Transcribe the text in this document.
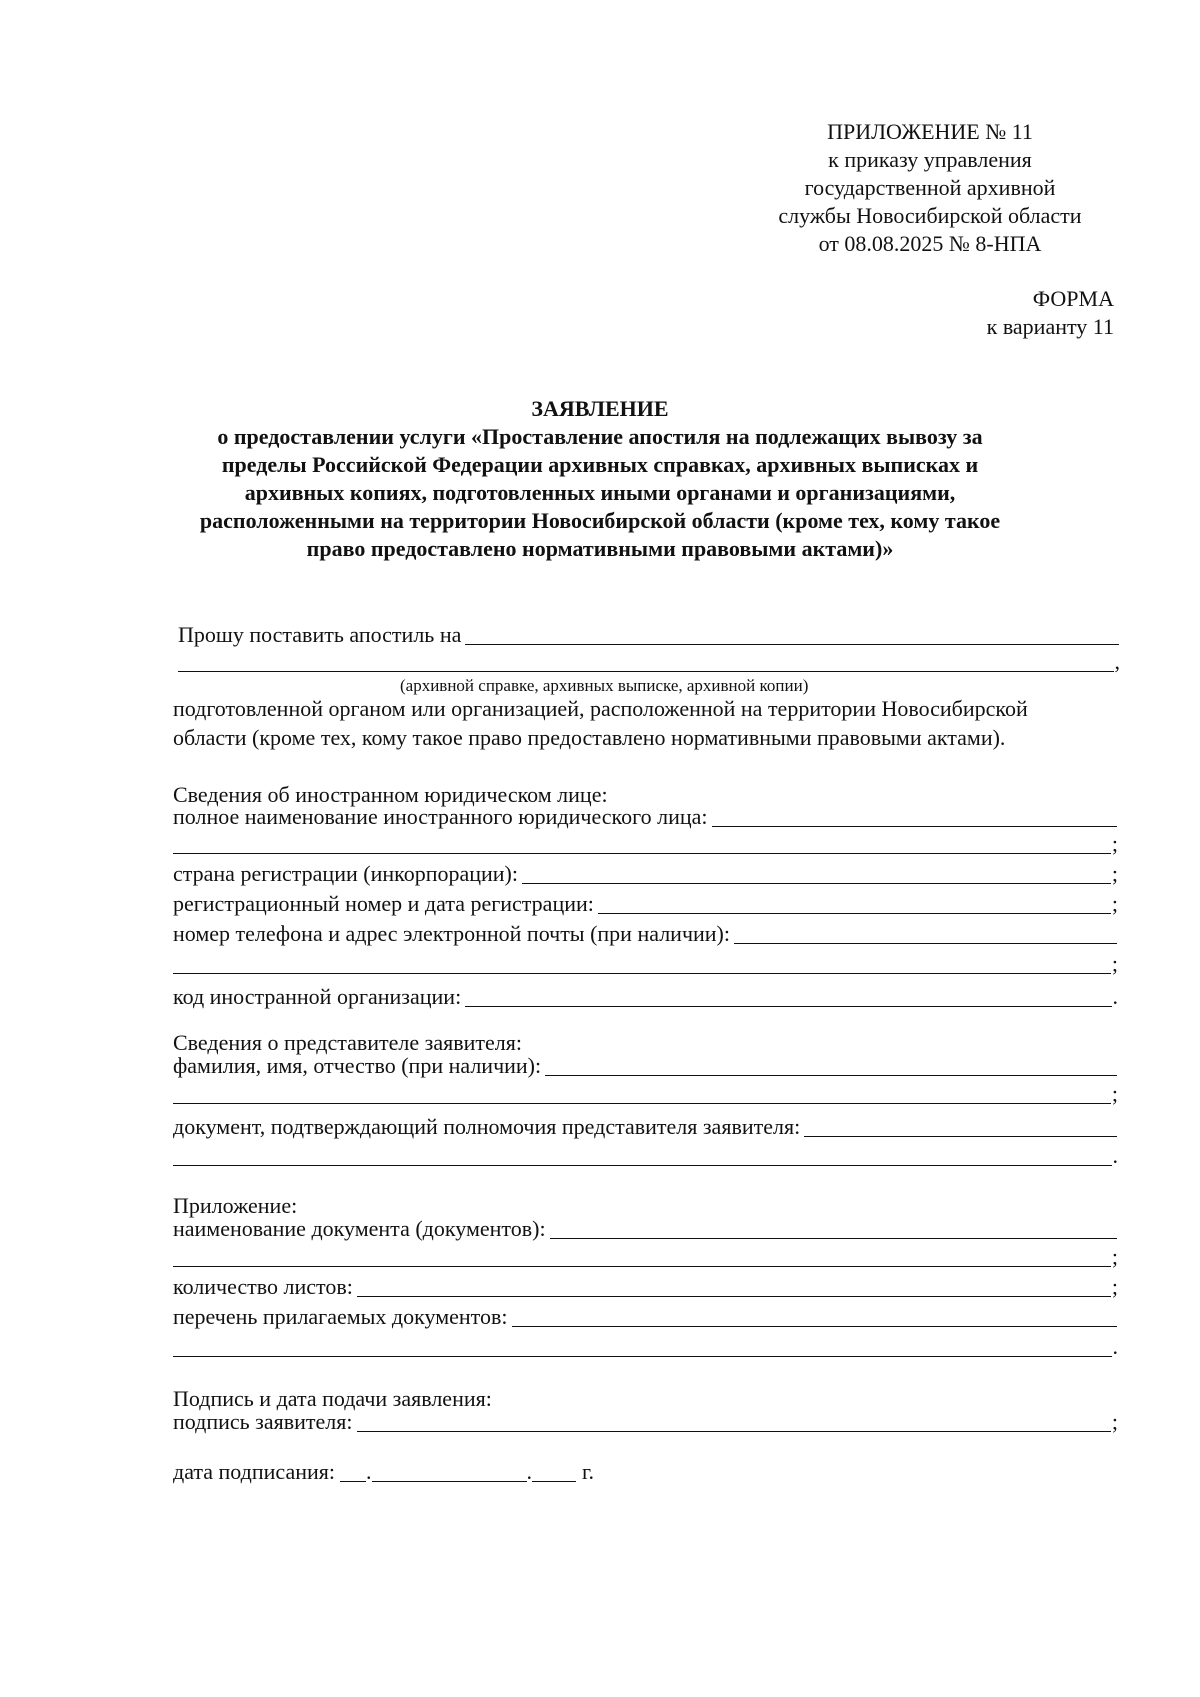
ПРИЛОЖЕНИЕ № 11
к приказу управления
государственной архивной
службы Новосибирской области
от 08.08.2025 № 8-НПА
ФОРМА
к варианту 11
ЗАЯВЛЕНИЕ
о предоставлении услуги «Проставление апостиля на подлежащих вывозу за
пределы Российской Федерации архивных справках, архивных выписках и
архивных копиях, подготовленных иными органами и организациями,
расположенными на территории Новосибирской области (кроме тех, кому такое
право предоставлено нормативными правовыми актами)»
Прошу поставить апостиль на
,
(архивной справке, архивных выписке, архивной копии)
подготовленной органом или организацией, расположенной на территории Новосибирской
области (кроме тех, кому такое право предоставлено нормативными правовыми актами).
Сведения об иностранном юридическом лице:
полное наименование иностранного юридического лица:
;
страна регистрации (инкорпорации):	;
регистрационный номер и дата регистрации:	;
номер телефона и адрес электронной почты (при наличии):
;
код иностранной организации:	.
Сведения о представителе заявителя:
фамилия, имя, отчество (при наличии):
;
документ, подтверждающий полномочия представителя заявителя:
.
Приложение:
наименование документа (документов):
;
количество листов:	;
перечень прилагаемых документов:
.
Подпись и дата подачи заявления:
подпись заявителя:	;
дата подписания: .	. г.
